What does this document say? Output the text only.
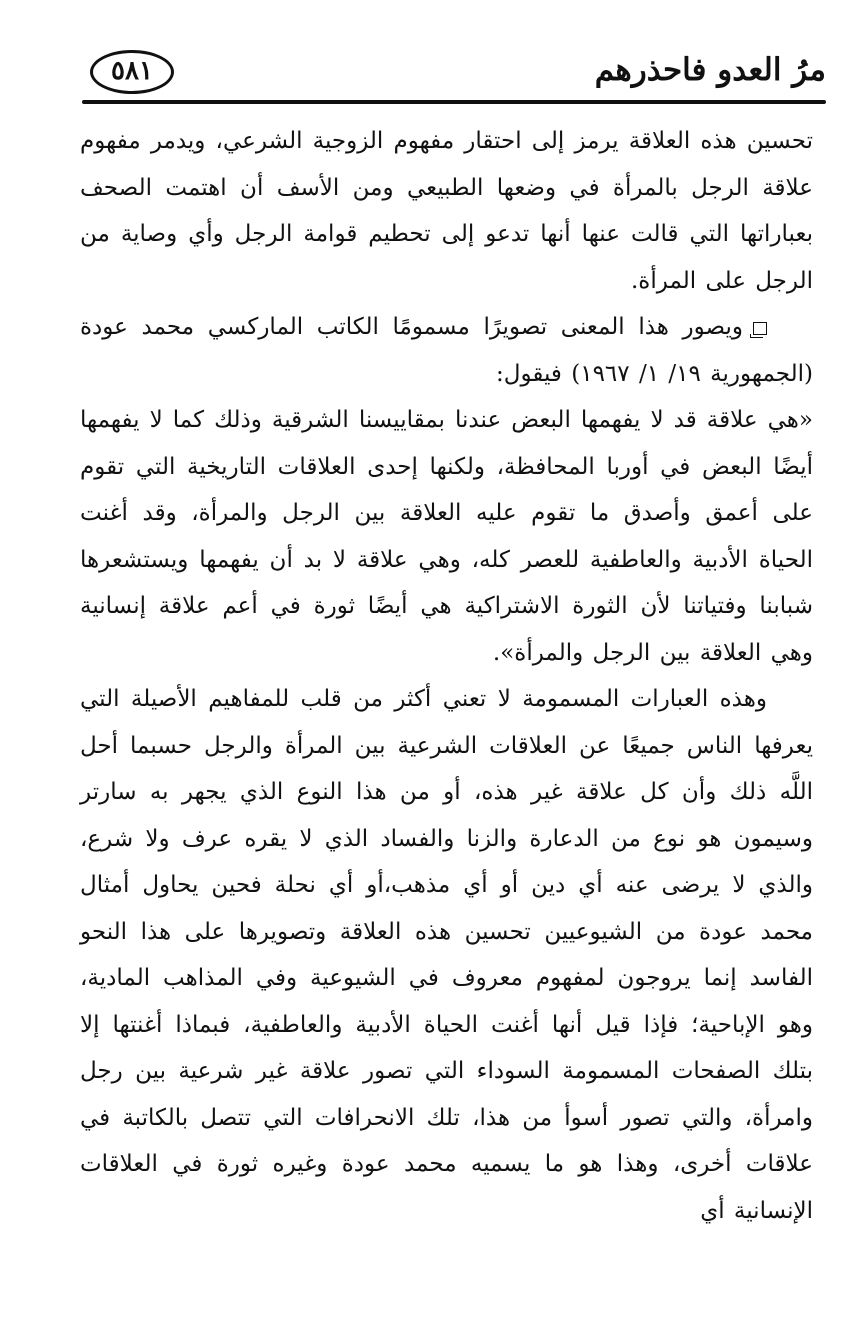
مرُ العدو فاحذرهم
٥٨١

تحسين هذه العلاقة يرمز إلى احتقار مفهوم الزوجية الشرعي، ويدمر مفهوم علاقة الرجل بالمرأة في وضعها الطبيعي ومن الأسف أن اهتمت الصحف بعباراتها التي قالت عنها أنها تدعو إلى تحطيم قوامة الرجل وأي وصاية من الرجل على المرأة.

ويصور هذا المعنى تصويرًا مسمومًا الكاتب الماركسي محمد عودة (الجمهورية ١٩/ ١/ ١٩٦٧) فيقول:

«هي علاقة قد لا يفهمها البعض عندنا بمقاييسنا الشرقية وذلك كما لا يفهمها أيضًا البعض في أوربا المحافظة، ولكنها إحدى العلاقات التاريخية التي تقوم على أعمق وأصدق ما تقوم عليه العلاقة بين الرجل والمرأة، وقد أغنت الحياة الأدبية والعاطفية للعصر كله، وهي علاقة لا بد أن يفهمها ويستشعرها شبابنا وفتياتنا لأن الثورة الاشتراكية هي أيضًا ثورة في أعم علاقة إنسانية وهي العلاقة بين الرجل والمرأة».

وهذه العبارات المسمومة لا تعني أكثر من قلب للمفاهيم الأصيلة التي يعرفها الناس جميعًا عن العلاقات الشرعية بين المرأة والرجل حسبما أحل اللَّه ذلك وأن كل علاقة غير هذه، أو من هذا النوع الذي يجهر به سارتر وسيمون هو نوع من الدعارة والزنا والفساد الذي لا يقره عرف ولا شرع، والذي لا يرضى عنه أي دين أو أي مذهب،أو أي نحلة فحين يحاول أمثال محمد عودة من الشيوعيين تحسين هذه العلاقة وتصويرها على هذا النحو الفاسد إنما يروجون لمفهوم معروف في الشيوعية وفي المذاهب المادية، وهو الإباحية؛ فإذا قيل أنها أغنت الحياة الأدبية والعاطفية، فبماذا أغنتها إلا بتلك الصفحات المسمومة السوداء التي تصور علاقة غير شرعية بين رجل وامرأة، والتي تصور أسوأ من هذا، تلك الانحرافات التي تتصل بالكاتبة في علاقات أخرى، وهذا هو ما يسميه محمد عودة وغيره ثورة في العلاقات الإنسانية أي
